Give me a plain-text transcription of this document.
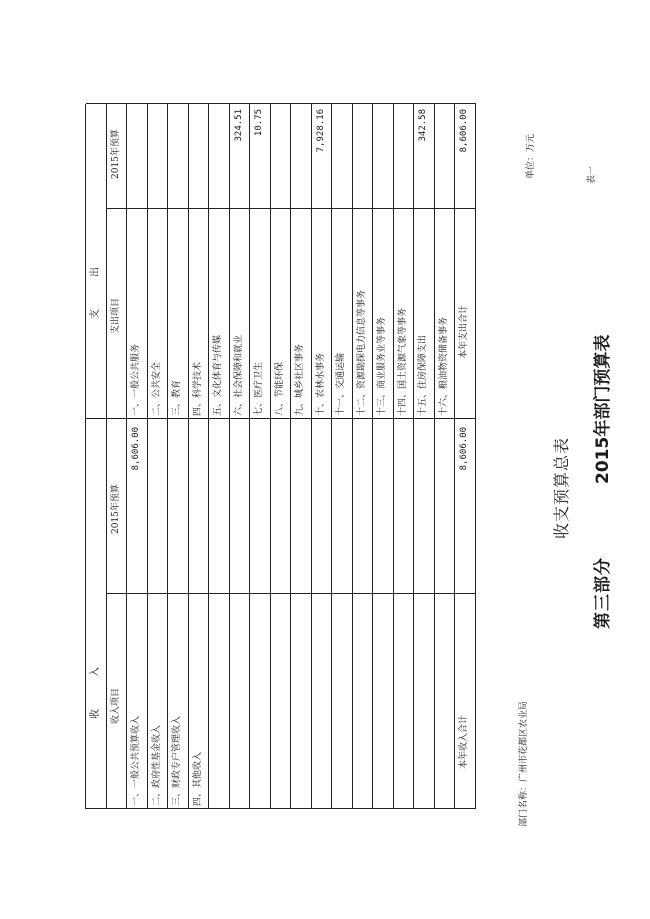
第三部分
2015年部门预算表
收支预算总表
部门名称：广州市花都区农业局
单位：万元	表一
收　　入
支　　出
收入项目
2015年预算
支出项目
2015年预算
一、一般公共预算收入
8,606.00
一、一般公共服务
二、政府性基金收入
二、公共安全
三、财政专户管理收入
三、教育
四、其他收入
四、科学技术 五、文化体育与传媒 六、社会保障和就业
324.51
七、医疗卫生
10.75
八、节能环保 九、城乡社区事务 十、农林水事务
7,928.16
十一、交通运输 十二、资源勘探电力信息等事务 十三、商业服务业等事务 十四、国土资源气象等事务 十五、住房保障支出
342.58
十六、粮油物资储备事务
本年收入合计
8,606.00
本年支出合计
8,606.00
